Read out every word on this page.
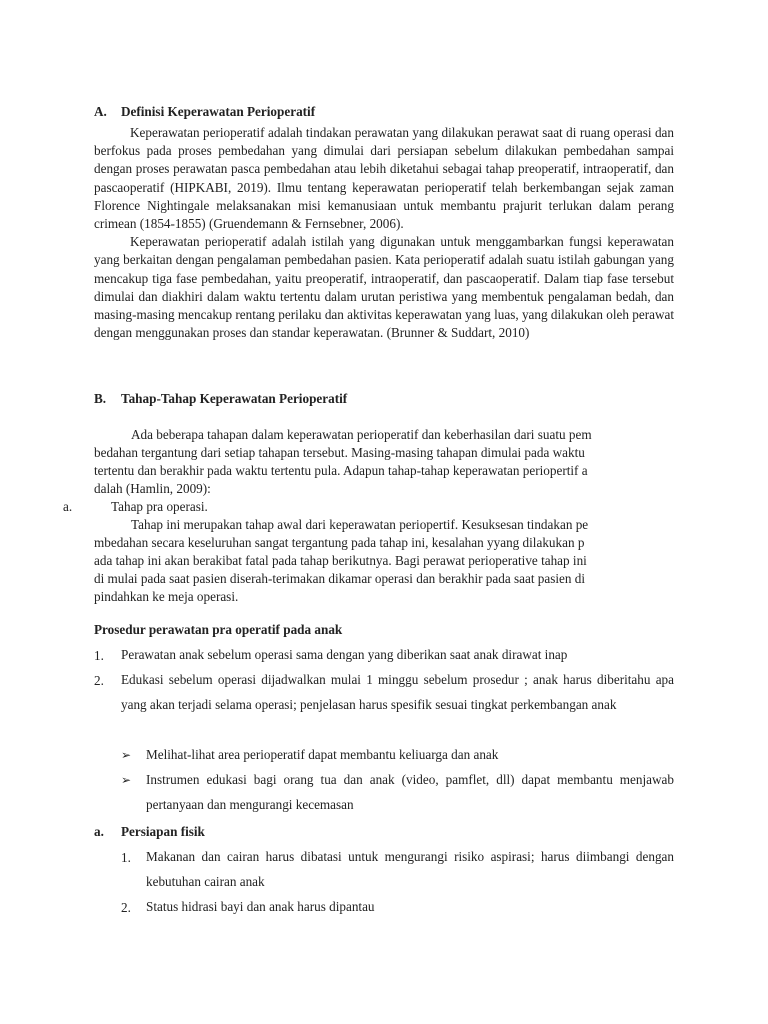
A. Definisi Keperawatan Perioperatif

Keperawatan perioperatif adalah tindakan perawatan yang dilakukan perawat saat di ruang operasi dan berfokus pada proses pembedahan yang dimulai dari persiapan sebelum dilakukan pembedahan sampai dengan proses perawatan pasca pembedahan atau lebih diketahui sebagai tahap preoperatif, intraoperatif, dan pascaoperatif (HIPKABI, 2019). Ilmu tentang keperawatan perioperatif telah berkembangan sejak zaman Florence Nightingale melaksanakan misi kemanusiaan untuk membantu prajurit terlukan dalam perang crimean (1854-1855) (Gruendemann & Fernsebner, 2006).

Keperawatan perioperatif adalah istilah yang digunakan untuk menggambarkan fungsi keperawatan yang berkaitan dengan pengalaman pembedahan pasien. Kata perioperatif adalah suatu istilah gabungan yang mencakup tiga fase pembedahan, yaitu preoperatif, intraoperatif, dan pascaoperatif. Dalam tiap fase tersebut dimulai dan diakhiri dalam waktu tertentu dalam urutan peristiwa yang membentuk pengalaman bedah, dan masing-masing mencakup rentang perilaku dan aktivitas keperawatan yang luas, yang dilakukan oleh perawat dengan menggunakan proses dan standar keperawatan. (Brunner & Suddart, 2010)

B. Tahap-Tahap Keperawatan Perioperatif
Ada beberapa tahapan dalam keperawatan perioperatif dan keberhasilan dari suatu pem
bedahan tergantung dari setiap tahapan tersebut. Masing-masing tahapan dimulai pada waktu
tertentu dan berakhir pada waktu tertentu pula. Adapun tahap-tahap keperawatan periopertif a
dalah (Hamlin, 2009):
a.	Tahap pra operasi.
Tahap ini merupakan tahap awal dari keperawatan periopertif. Kesuksesan tindakan pe
mbedahan secara keseluruhan sangat tergantung pada tahap ini, kesalahan yyang dilakukan p
ada tahap ini akan berakibat fatal pada tahap berikutnya. Bagi perawat perioperative tahap ini
di mulai pada saat pasien diserah-terimakan dikamar operasi dan berakhir pada saat pasien di
pindahkan ke meja operasi.
Prosedur perawatan pra operatif pada anak
1. Perawatan anak sebelum operasi sama dengan yang diberikan saat anak dirawat inap
2. Edukasi sebelum operasi dijadwalkan mulai 1 minggu sebelum prosedur ; anak harus diberitahu apa yang akan terjadi selama operasi; penjelasan harus spesifik sesuai tingkat perkembangan anak
➢ Melihat-lihat area perioperatif dapat membantu keliuarga dan anak
➢ Instrumen edukasi bagi orang tua dan anak (video, pamflet, dll) dapat membantu menjawab pertanyaan dan mengurangi kecemasan
a. Persiapan fisik
1. Makanan dan cairan harus dibatasi untuk mengurangi risiko aspirasi; harus diimbangi dengan kebutuhan cairan anak
2. Status hidrasi bayi dan anak harus dipantau
